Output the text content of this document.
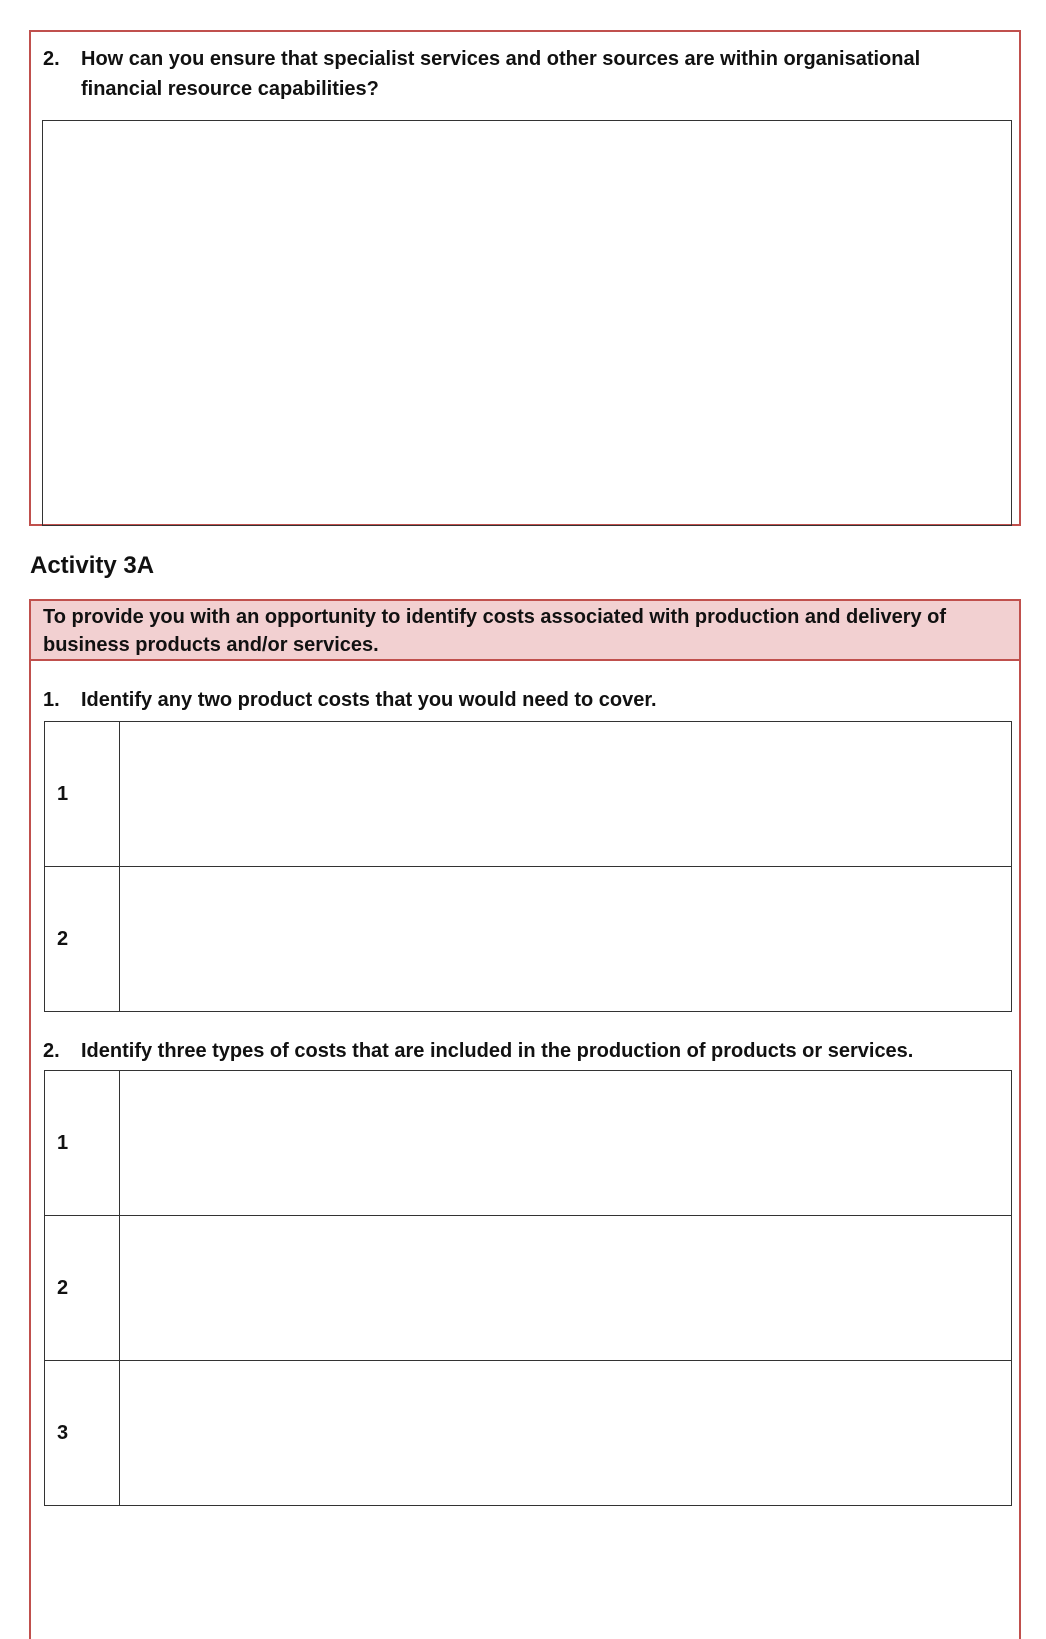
2.	How can you ensure that specialist services and other sources are within organisational
financial resource capabilities?
Activity 3A
To provide you with an opportunity to identify costs associated with production and delivery of
business products and/or services.
1.	Identify any two product costs that you would need to cover.
1
2
2.	Identify three types of costs that are included in the production of products or services.
1
2
3
